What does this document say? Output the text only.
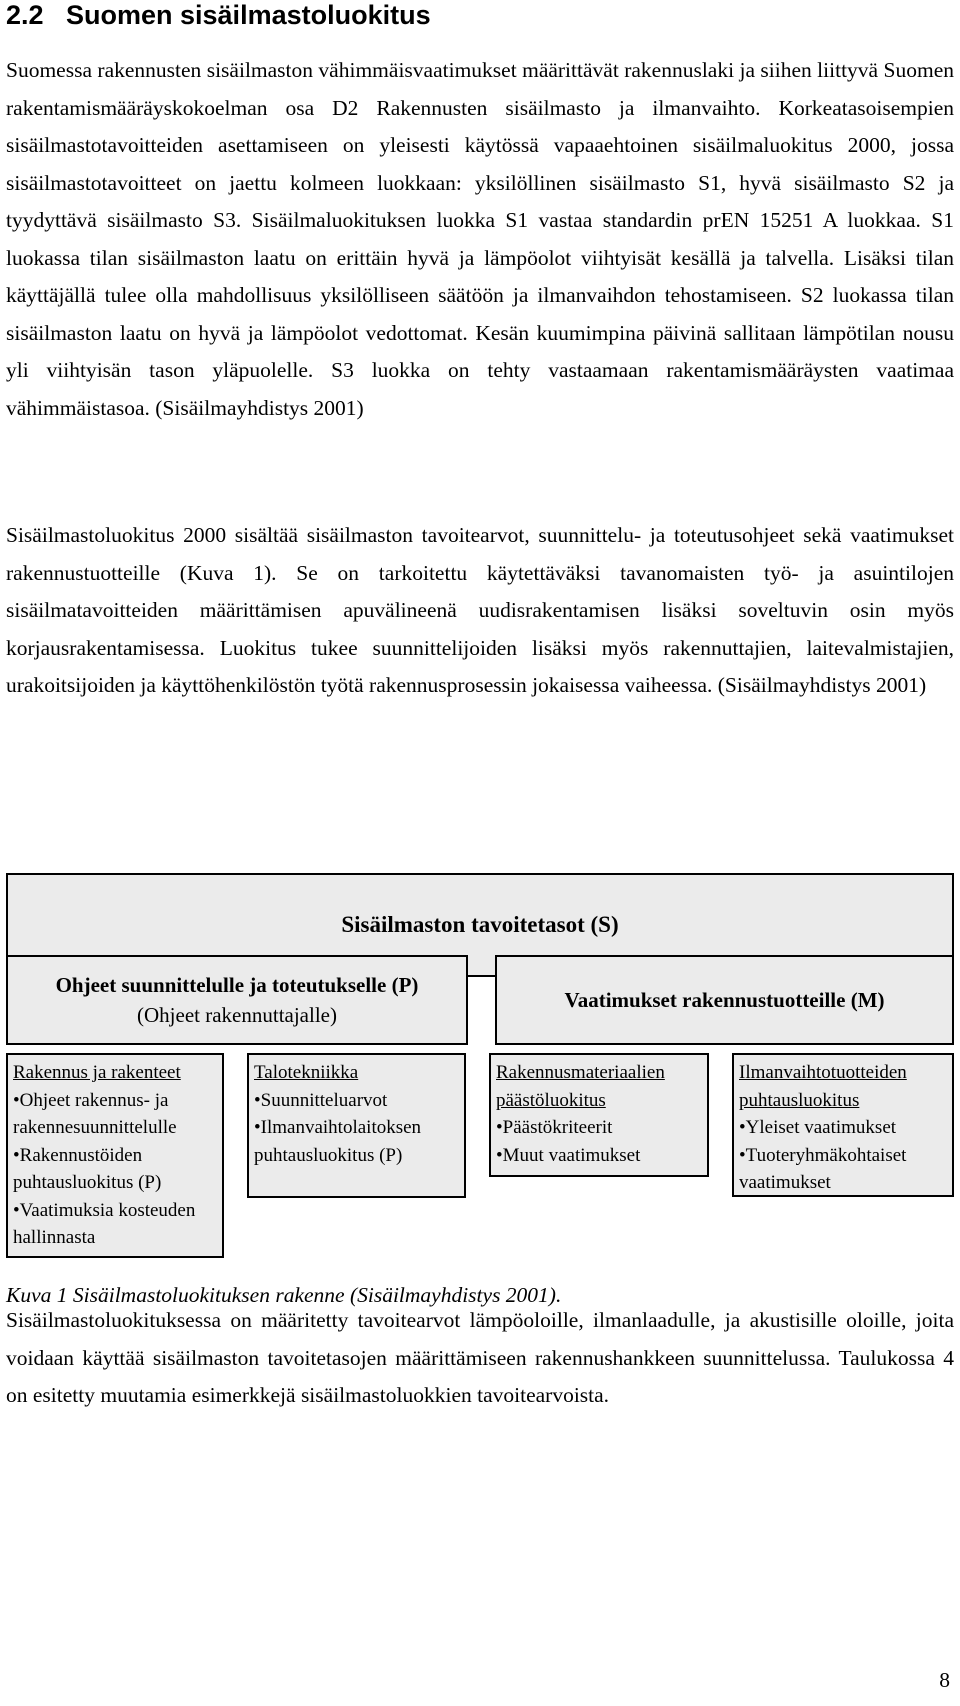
2.2 Suomen sisäilmastoluokitus
Suomessa rakennusten sisäilmaston vähimmäisvaatimukset määrittävät rakennuslaki ja siihen liittyvä Suomen rakentamismääräyskokoelman osa D2 Rakennusten sisäilmasto ja ilmanvaihto. Korkeatasoisempien sisäilmastotavoitteiden asettamiseen on yleisesti käytössä vapaaehtoinen sisäilmaluokitus 2000, jossa sisäilmastotavoitteet on jaettu kolmeen luokkaan: yksilöllinen sisäilmasto S1, hyvä sisäilmasto S2 ja tyydyttävä sisäilmasto S3. Sisäilmaluokituksen luokka S1 vastaa standardin prEN 15251 A luokkaa. S1 luokassa tilan sisäilmaston laatu on erittäin hyvä ja lämpöolot viihtyisät kesällä ja talvella. Lisäksi tilan käyttäjällä tulee olla mahdollisuus yksilölliseen säätöön ja ilmanvaihdon tehostamiseen. S2 luokassa tilan sisäilmaston laatu on hyvä ja lämpöolot vedottomat. Kesän kuumimpina päivinä sallitaan lämpötilan nousu yli viihtyisän tason yläpuolelle. S3 luokka on tehty vastaamaan rakentamismääräysten vaatimaa vähimmäistasoa. (Sisäilmayhdistys 2001)
Sisäilmastoluokitus 2000 sisältää sisäilmaston tavoitearvot, suunnittelu- ja toteutusohjeet sekä vaatimukset rakennustuotteille (Kuva 1). Se on tarkoitettu käytettäväksi tavanomaisten työ- ja asuintilojen sisäilmatavoitteiden määrittämisen apuvälineenä uudisrakentamisen lisäksi soveltuvin osin myös korjausrakentamisessa. Luokitus tukee suunnittelijoiden lisäksi myös rakennuttajien, laitevalmistajien, urakoitsijoiden ja käyttöhenkilöstön työtä rakennusprosessin jokaisessa vaiheessa. (Sisäilmayhdistys 2001)
Sisäilmaston tavoitetasot (S)
Ohjeet suunnittelulle ja toteutukselle (P)
(Ohjeet rakennuttajalle)
Vaatimukset rakennustuotteille (M)
Rakennus ja rakenteet
•Ohjeet rakennus- ja rakennesuunnittelulle
•Rakennustöiden puhtausluokitus (P)
•Vaatimuksia kosteuden hallinnasta
Talotekniikka
•Suunnitteluarvot
•Ilmanvaihtolaitoksen puhtausluokitus (P)
Rakennusmateriaalien päästöluokitus
•Päästökriteerit
•Muut vaatimukset
Ilmanvaihtotuotteiden puhtausluokitus
•Yleiset vaatimukset
•Tuoteryhmäkohtaiset vaatimukset
Kuva 1 Sisäilmastoluokituksen rakenne (Sisäilmayhdistys 2001).
Sisäilmastoluokituksessa on määritetty tavoitearvot lämpöoloille, ilmanlaadulle, ja akustisille oloille, joita voidaan käyttää sisäilmaston tavoitetasojen määrittämiseen rakennushankkeen suunnittelussa. Taulukossa 4 on esitetty muutamia esimerkkejä sisäilmastoluokkien tavoitearvoista.
8
